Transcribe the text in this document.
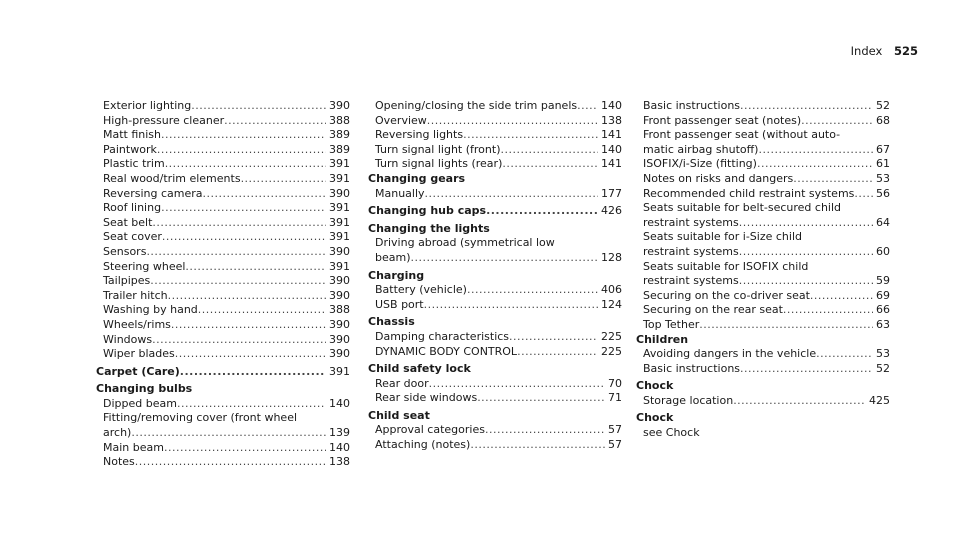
Index 525
Exterior lighting .....	390
High-pressure cleaner .....	388
Matt finish .....	389
Paintwork .....	389
Plastic trim .....	391
Real wood/trim elements .....	391
Reversing camera .....	390
Roof lining .....	391
Seat belt .....	391
Seat cover .....	391
Sensors .....	390
Steering wheel .....	391
Tailpipes .....	390
Trailer hitch .....	390
Washing by hand .....	388
Wheels/rims .....	390
Windows .....	390
Wiper blades .....	390
Carpet (Care) .....	391
Changing bulbs
Dipped beam .....	140
Fitting/removing cover (front wheel
arch) .....	139
Main beam .....	140
Notes .....	138
Opening/closing the side trim panels ..... 140
Overview .....	138
Reversing lights .....	141
Turn signal light (front) .....	140
Turn signal lights (rear) .....	141
Changing gears
Manually .....	177
Changing hub caps .....	426
Changing the lights
Driving abroad (symmetrical low
beam) .....	128
Charging
Battery (vehicle) .....	406
USB port .....	124
Chassis
Damping characteristics .....	225
DYNAMIC BODY CONTROL .....	225
Child safety lock
Rear door .....	70
Rear side windows .....	71
Child seat
Approval categories .....	57
Attaching (notes) .....	57
Basic instructions .....	52
Front passenger seat (notes) .....	68
Front passenger seat (without auto-
matic airbag shutoff) .....	67
ISOFIX/i-Size (fitting) .....	61
Notes on risks and dangers .....	53
Recommended child restraint systems ..... 56
Seats suitable for belt-secured child
restraint systems .....	64
Seats suitable for i-Size child
restraint systems .....	60
Seats suitable for ISOFIX child
restraint systems .....	59
Securing on the co-driver seat .....	69
Securing on the rear seat .....	66
Top Tether .....	63
Children
Avoiding dangers in the vehicle .....	53
Basic instructions .....	52
Chock
Storage location .....	425
Chock
see Chock
